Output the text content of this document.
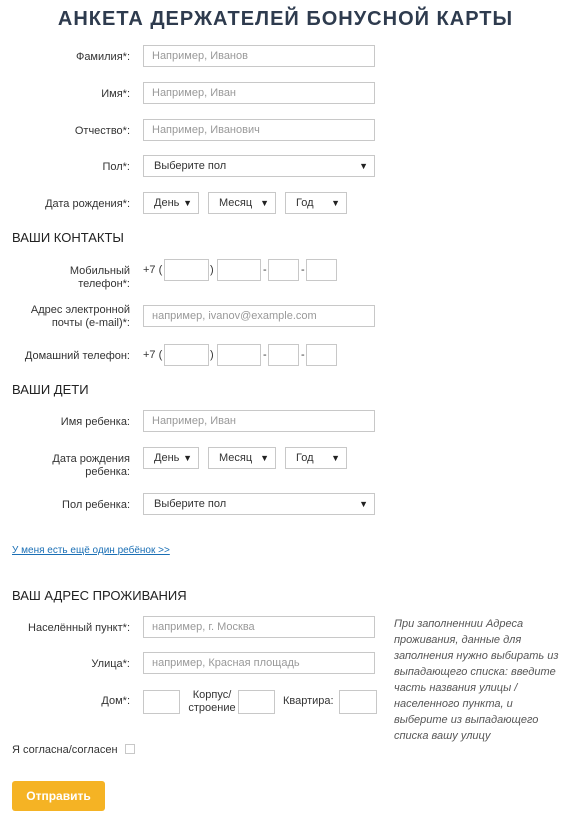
АНКЕТА ДЕРЖАТЕЛЕЙ БОНУСНОЙ КАРТЫ
Фамилия*:	Например, Иванов
Имя*:	Например, Иван
Отчество*:	Например, Иванович
Пол*:	Выберите пол	▼
Дата рождения*:	День ▼	Месяц ▼	Год ▼
ВАШИ КОНТАКТЫ
Мобильный
телефон*:
+7 (	)	-	-
Адрес электронной
почты (e-mail)*:
например, ivanov@example.com
Домашний телефон: +7 (	)	-	-
ВАШИ ДЕТИ
Имя ребенка:	Например, Иван
Дата рождения
ребенка:
День ▼	Месяц ▼	Год ▼
Пол ребенка:	Выберите пол	▼
У меня есть ещё один ребёнок >>
ВАШ АДРЕС ПРОЖИВАНИЯ
Населённый пункт*:	например, г. Москва
Улица*:	например, Красная площадь
Дом*:	Корпус/
строение
Квартира:
При заполненнии Адреса проживания, данные для заполнения нужно выбирать из выпадающего списка: введите часть названия улицы / населенного пункта, и выберите из выпадающего списка вашу улицу
Я согласна/согласен
Отправить
